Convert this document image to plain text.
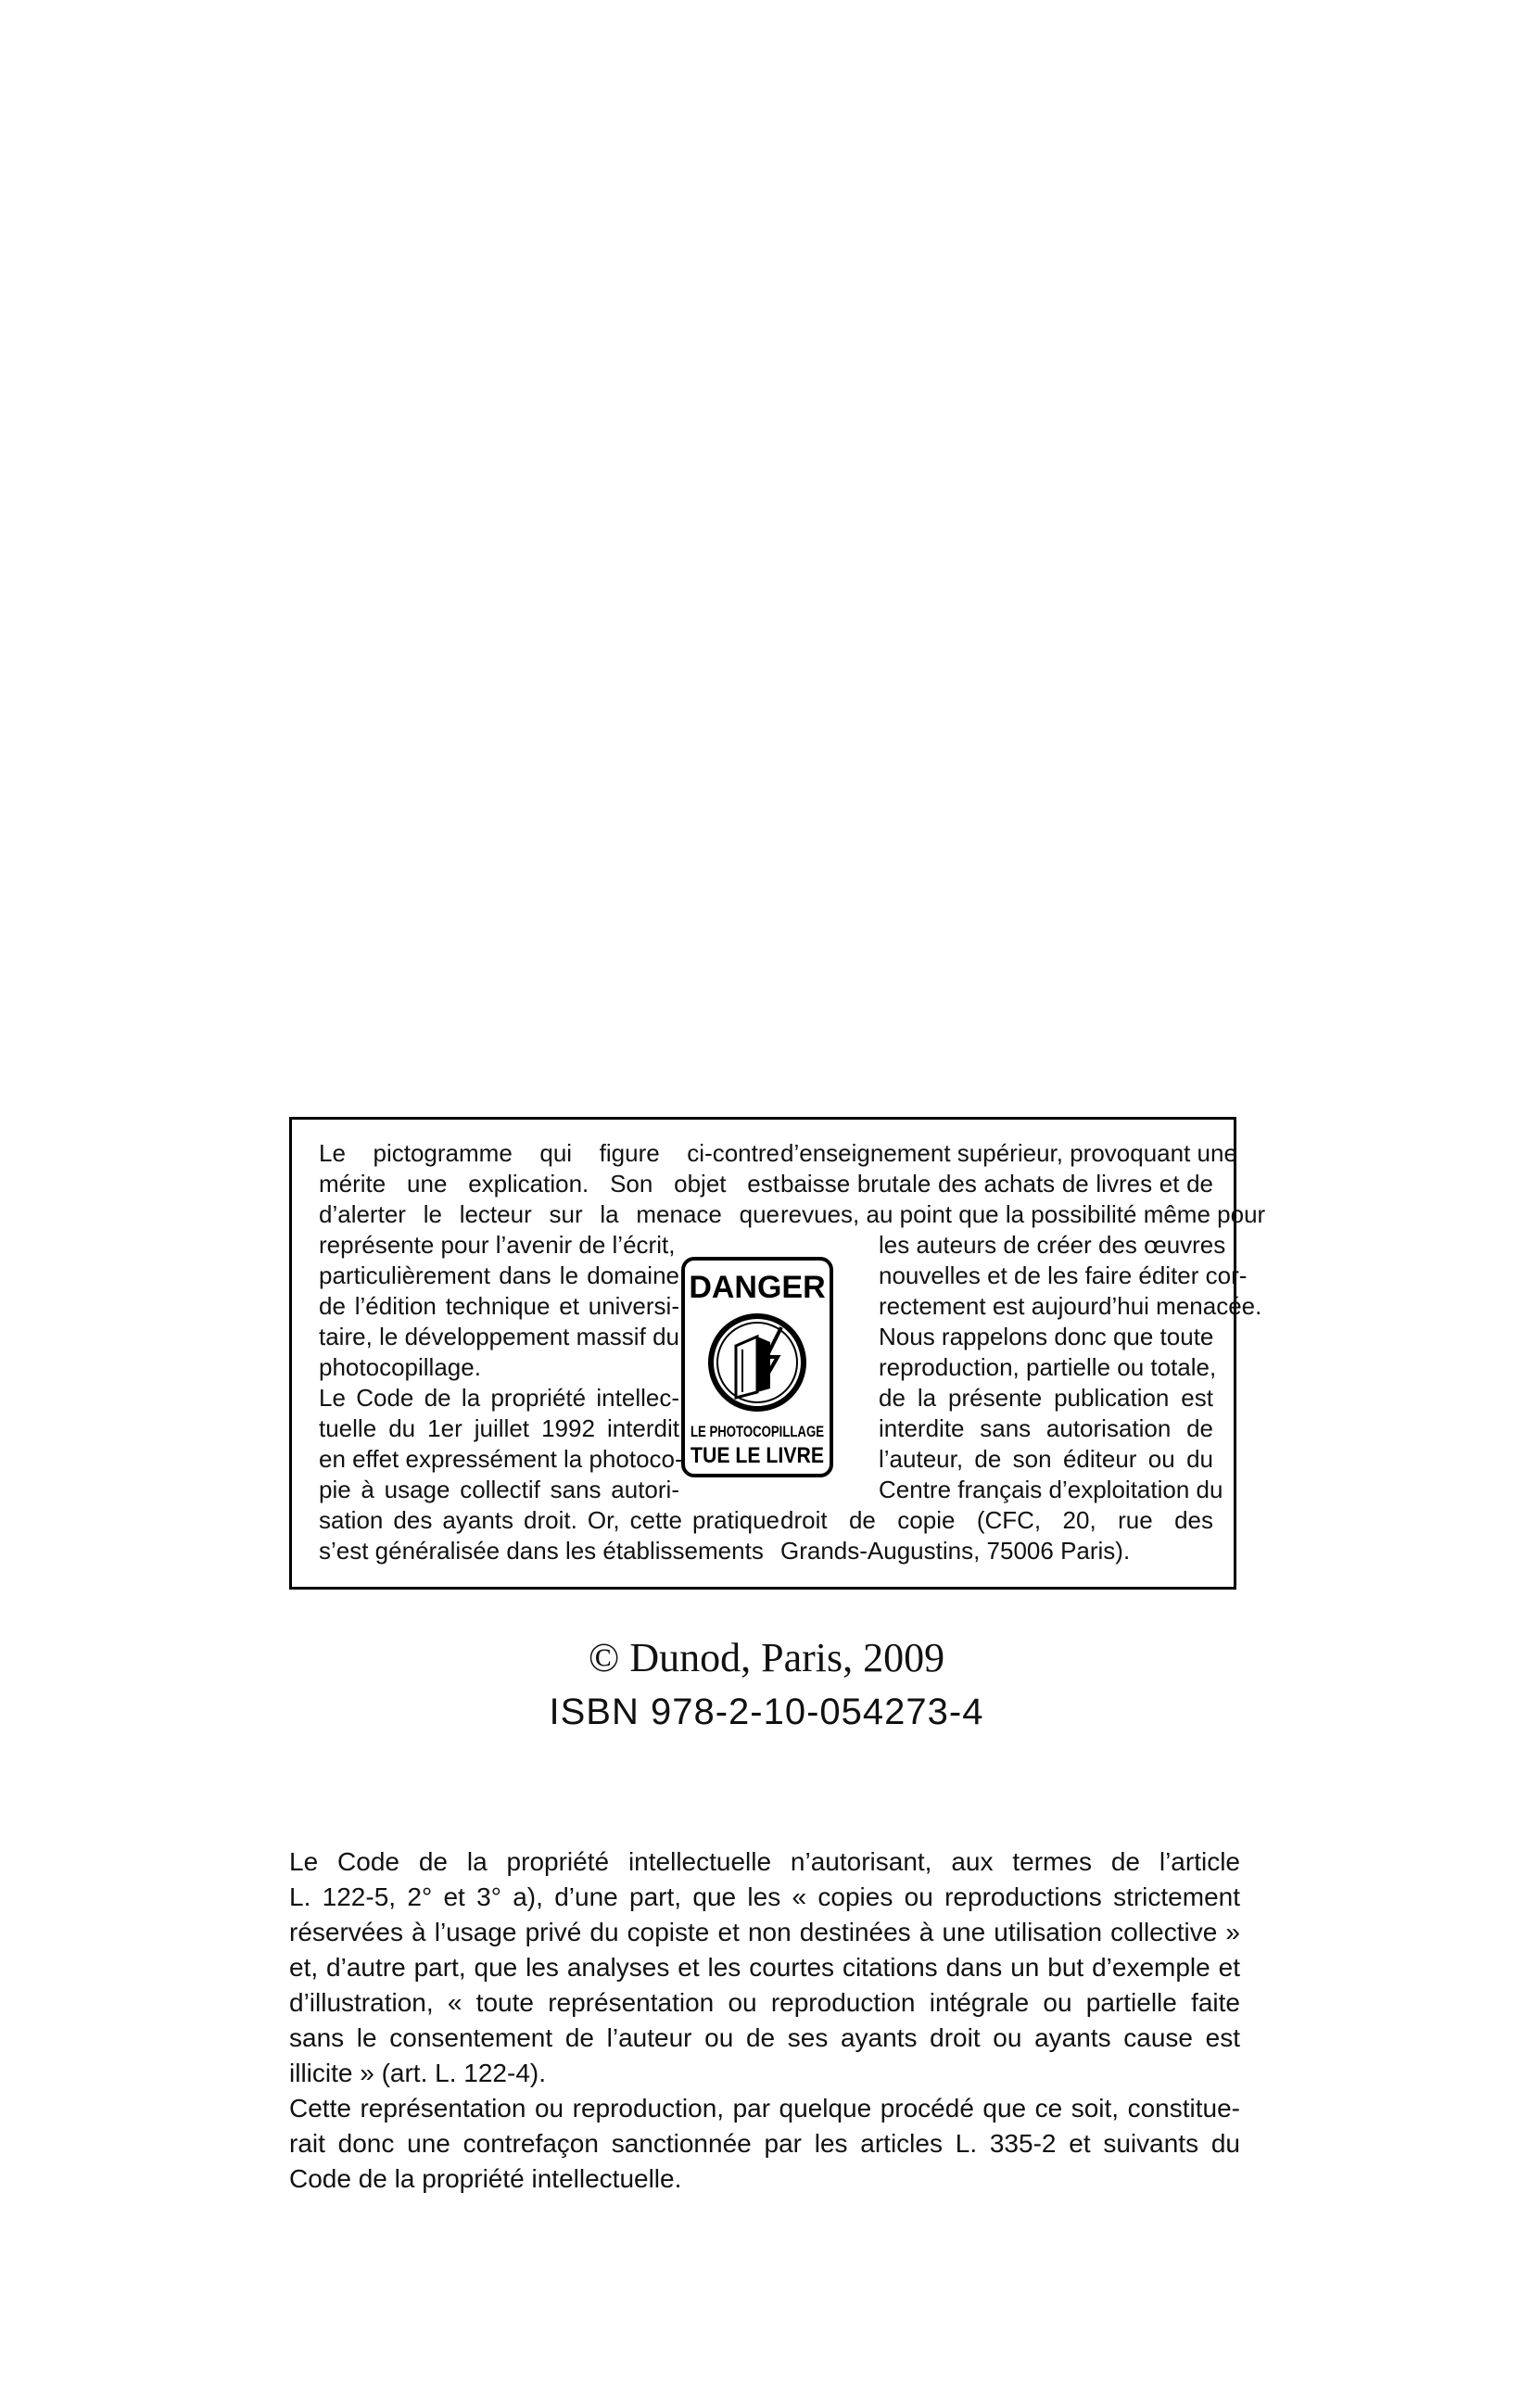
DANGER
LE PHOTOCOPILLAGE
TUE LE LIVRE
Le pictogramme qui figure ci-contre
mérite une explication. Son objet est
d’alerter le lecteur sur la menace que
représente pour l’avenir de l’écrit,
particulièrement dans le domaine
de l’édition technique et universi-
taire, le développement massif du
photocopillage.
Le Code de la propriété intellec-
tuelle du 1er juillet 1992 interdit
en effet expressément la photoco-
pie à usage collectif sans autori-
sation des ayants droit. Or, cette pratique
s’est généralisée dans les établissements
d’enseignement supérieur, provoquant une
baisse brutale des achats de livres et de
revues, au point que la possibilité même pour
les auteurs de créer des œuvres
nouvelles et de les faire éditer cor-
rectement est aujourd’hui menacée.
Nous rappelons donc que toute
reproduction, partielle ou totale,
de la présente publication est
interdite sans autorisation de
l’auteur, de son éditeur ou du
Centre français d’exploitation du
droit de copie (CFC, 20, rue des
Grands-Augustins, 75006 Paris).
© Dunod, Paris, 2009
ISBN 978-2-10-054273-4
Le Code de la propriété intellectuelle n’autorisant, aux termes de l’article
L. 122-5, 2° et 3° a), d’une part, que les « copies ou reproductions strictement
réservées à l’usage privé du copiste et non destinées à une utilisation collective »
et, d’autre part, que les analyses et les courtes citations dans un but d’exemple et
d’illustration, « toute représentation ou reproduction intégrale ou partielle faite
sans le consentement de l’auteur ou de ses ayants droit ou ayants cause est
illicite » (art. L. 122-4).
Cette représentation ou reproduction, par quelque procédé que ce soit, constitue-
rait donc une contrefaçon sanctionnée par les articles L. 335-2 et suivants du
Code de la propriété intellectuelle.
